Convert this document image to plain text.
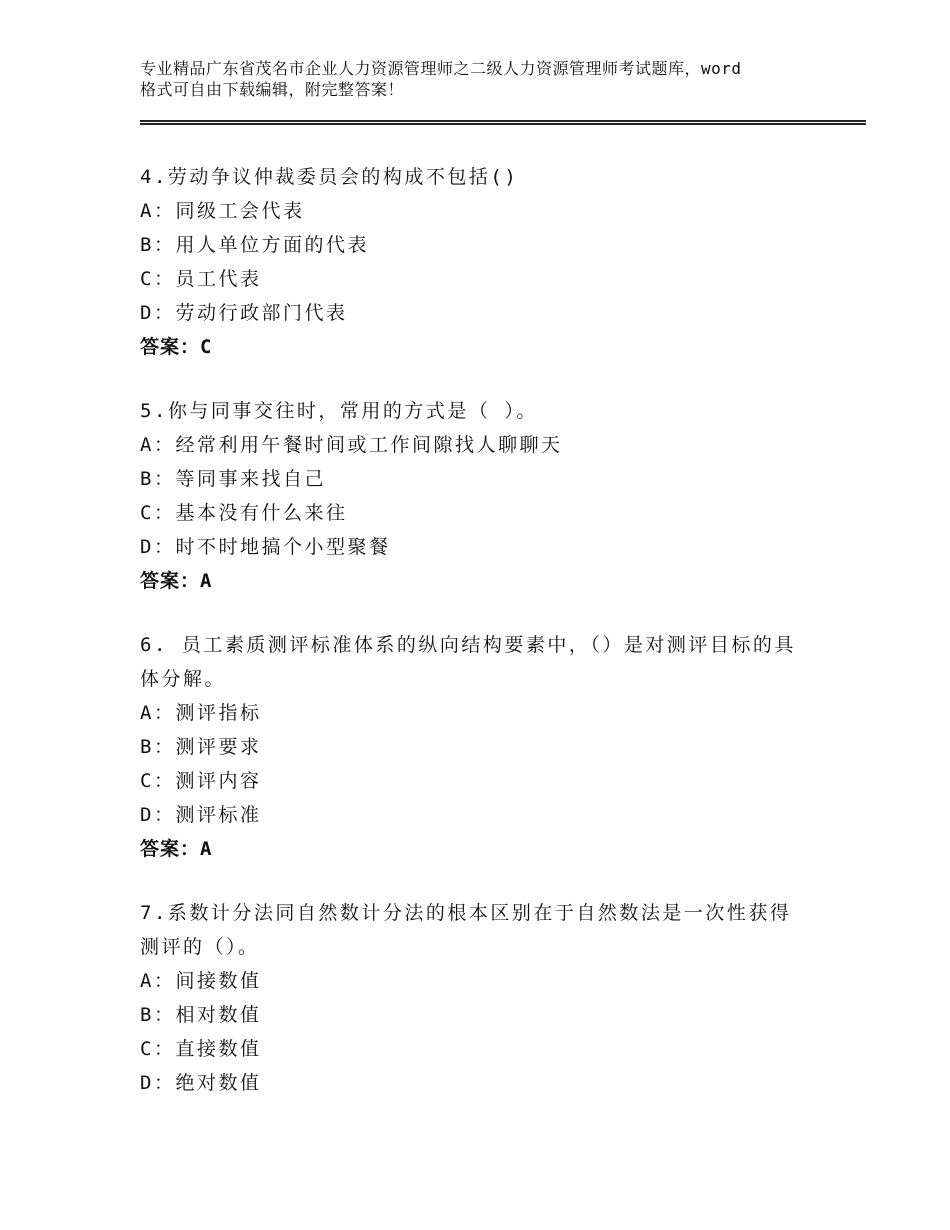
专业精品广东省茂名市企业人力资源管理师之二级人力资源管理师考试题库，word
格式可自由下载编辑，附完整答案！
4.劳动争议仲裁委员会的构成不包括()
A：同级工会代表
B：用人单位方面的代表
C：员工代表
D：劳动行政部门代表
答案：C
5.你与同事交往时，常用的方式是（ ）。
A：经常利用午餐时间或工作间隙找人聊聊天
B：等同事来找自己
C：基本没有什么来往
D：时不时地搞个小型聚餐
答案：A
6. 员工素质测评标准体系的纵向结构要素中，（）是对测评目标的具
体分解。
A：测评指标
B：测评要求
C：测评内容
D：测评标准
答案：A
7.系数计分法同自然数计分法的根本区别在于自然数法是一次性获得
测评的（）。
A：间接数值
B：相对数值
C：直接数值
D：绝对数值
